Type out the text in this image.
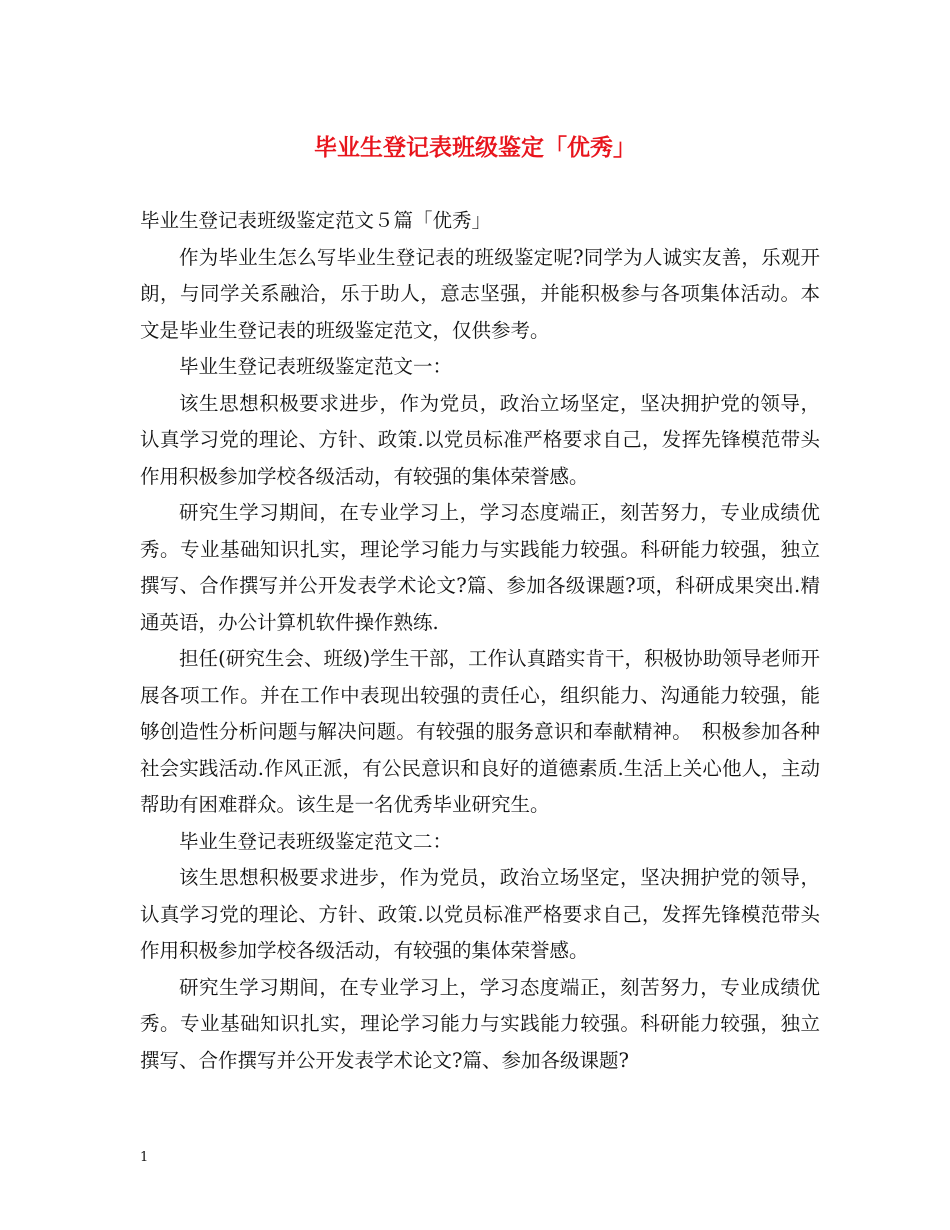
毕业生登记表班级鉴定「优秀」

毕业生登记表班级鉴定范文５篇「优秀」

作为毕业生怎么写毕业生登记表的班级鉴定呢?同学为人诚实友善，乐观开朗，与同学关系融洽，乐于助人，意志坚强，并能积极参与各项集体活动。本文是毕业生登记表的班级鉴定范文，仅供参考。

毕业生登记表班级鉴定范文一：

该生思想积极要求进步，作为党员，政治立场坚定，坚决拥护党的领导，认真学习党的理论、方针、政策.以党员标准严格要求自己，发挥先锋模范带头作用积极参加学校各级活动，有较强的集体荣誉感。

研究生学习期间，在专业学习上，学习态度端正，刻苦努力，专业成绩优秀。专业基础知识扎实，理论学习能力与实践能力较强。科研能力较强，独立撰写、合作撰写并公开发表学术论文?篇、参加各级课题?项，科研成果突出.精通英语，办公计算机软件操作熟练.

担任(研究生会、班级)学生干部，工作认真踏实肯干，积极协助领导老师开展各项工作。并在工作中表现出较强的责任心，组织能力、沟通能力较强，能够创造性分析问题与解决问题。有较强的服务意识和奉献精神。　积极参加各种社会实践活动.作风正派，有公民意识和良好的道德素质.生活上关心他人，主动帮助有困难群众。该生是一名优秀毕业研究生。

毕业生登记表班级鉴定范文二：

该生思想积极要求进步，作为党员，政治立场坚定，坚决拥护党的领导，认真学习党的理论、方针、政策.以党员标准严格要求自己，发挥先锋模范带头作用积极参加学校各级活动，有较强的集体荣誉感。

研究生学习期间，在专业学习上，学习态度端正，刻苦努力，专业成绩优秀。专业基础知识扎实，理论学习能力与实践能力较强。科研能力较强，独立撰写、合作撰写并公开发表学术论文?篇、参加各级课题?

1
